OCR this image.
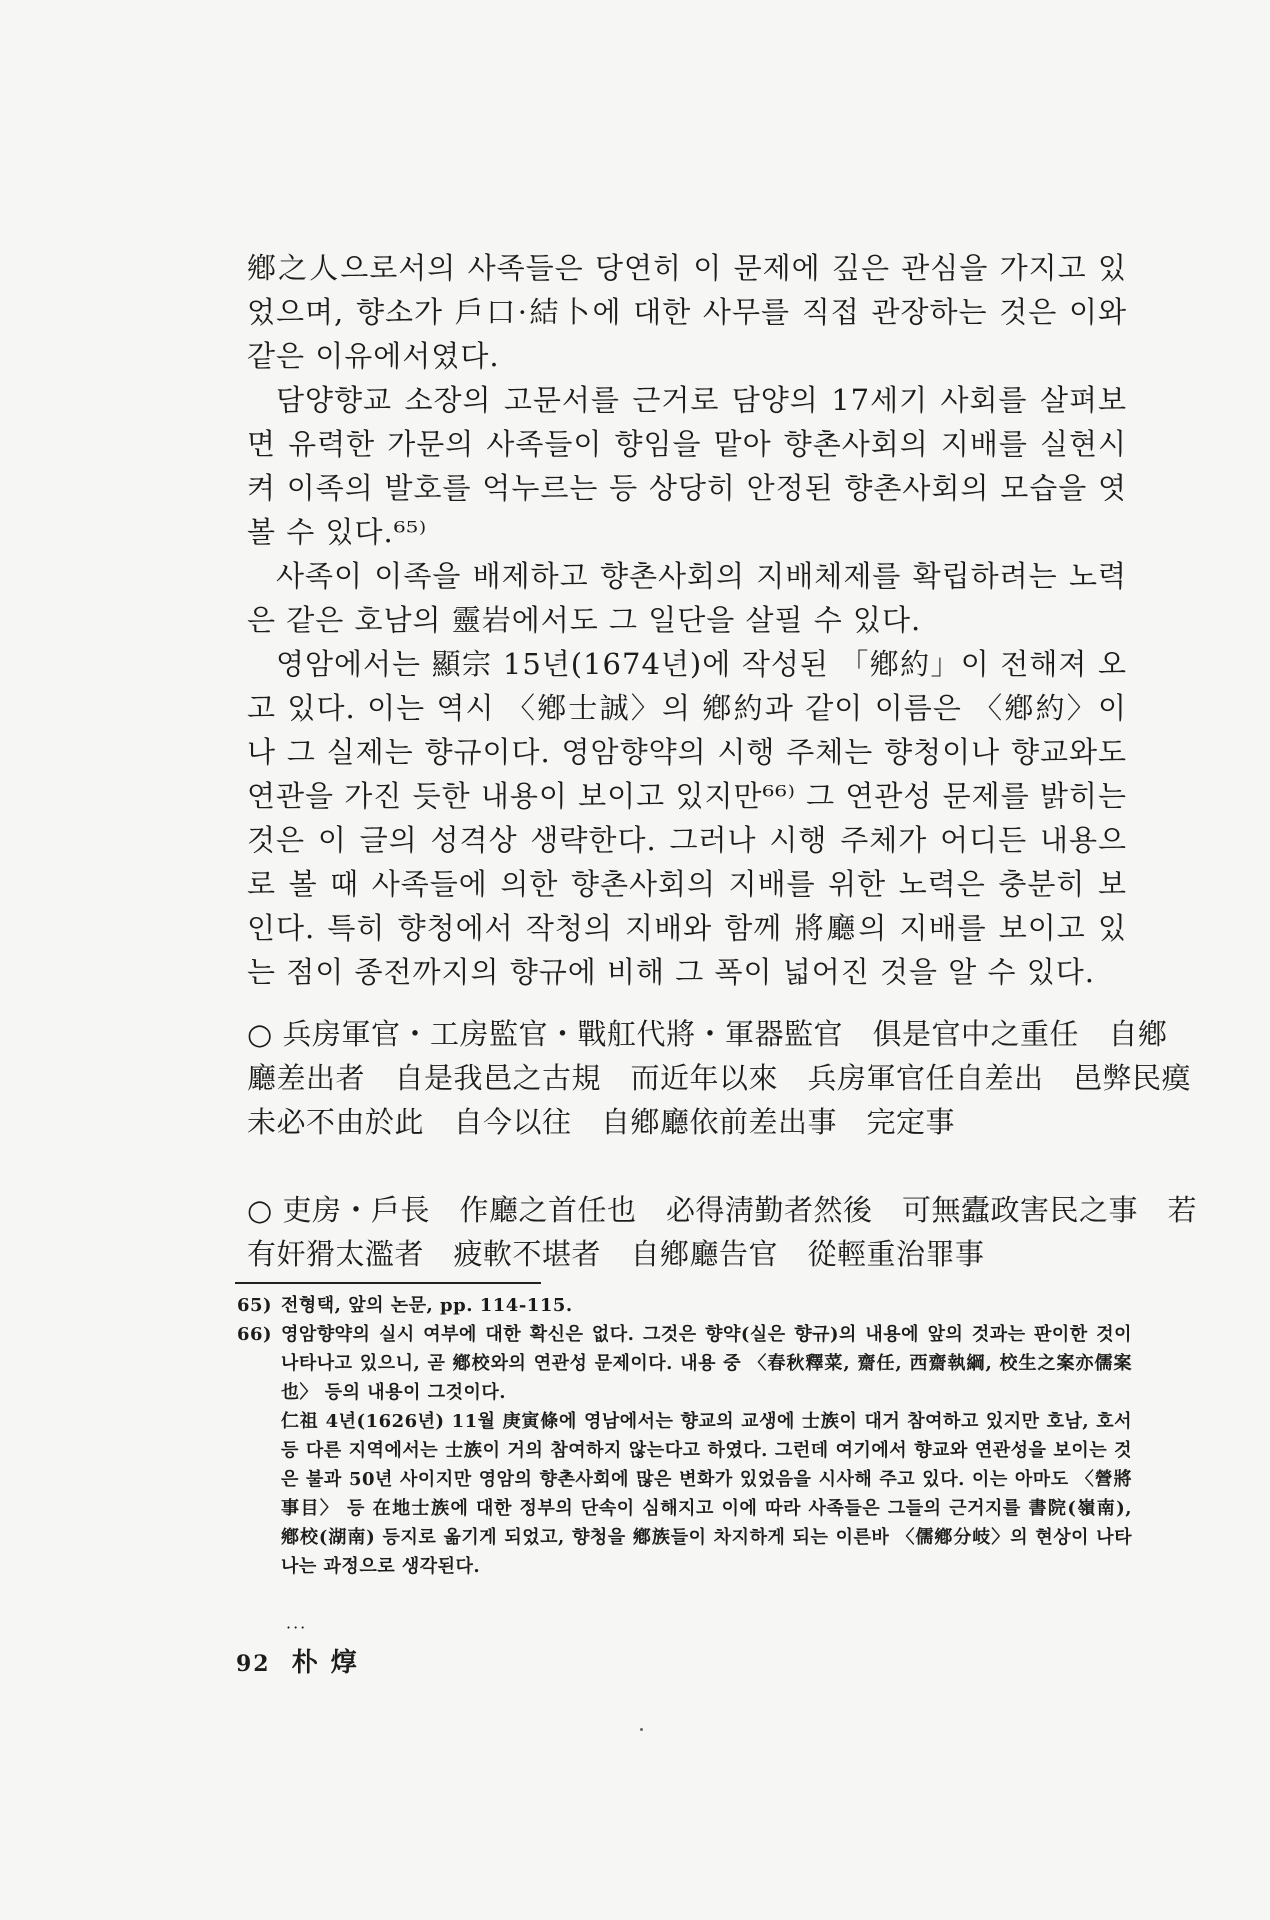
鄕之人으로서의 사족들은 당연히 이 문제에 깊은 관심을 가지고 있었으며, 향소가 戶口·結卜에 대한 사무를 직접 관장하는 것은 이와 같은 이유에서였다.

담양향교 소장의 고문서를 근거로 담양의 17세기 사회를 살펴보면 유력한 가문의 사족들이 향임을 맡아 향촌사회의 지배를 실현시켜 이족의 발호를 억누르는 등 상당히 안정된 향촌사회의 모습을 엿볼 수 있다.⁶⁵⁾

사족이 이족을 배제하고 향촌사회의 지배체제를 확립하려는 노력은 같은 호남의 靈岩에서도 그 일단을 살필 수 있다.

영암에서는 顯宗 15년(1674년)에 작성된 「鄕約」이 전해져 오고 있다. 이는 역시 〈鄕士誠〉의 鄕約과 같이 이름은 〈鄕約〉이나 그 실제는 향규이다. 영암향약의 시행 주체는 향청이나 향교와도 연관을 가진 듯한 내용이 보이고 있지만⁶⁶⁾ 그 연관성 문제를 밝히는 것은 이 글의 성격상 생략한다. 그러나 시행 주체가 어디든 내용으로 볼 때 사족들에 의한 향촌사회의 지배를 위한 노력은 충분히 보인다. 특히 향청에서 작청의 지배와 함께 將廳의 지배를 보이고 있는 점이 종전까지의 향규에 비해 그 폭이 넓어진 것을 알 수 있다.

○ 兵房軍官・工房監官・戰舡代將・軍器監官　俱是官中之重任　自鄕
廳差出者　自是我邑之古規　而近年以來　兵房軍官任自差出　邑弊民瘼
未必不由於此　自今以往　自鄕廳依前差出事　完定事
○ 吏房・戶長　作廳之首任也　必得淸勤者然後　可無蠹政害民之事　若
有奸猾太濫者　疲軟不堪者　自鄕廳告官　從輕重治罪事
65) 전형택, 앞의 논문, pp. 114-115.
66) 영암향약의 실시 여부에 대한 확신은 없다. 그것은 향약(실은 향규)의 내용에 앞의 것과는 판이한 것이 나타나고 있으니, 곧 鄕校와의 연관성 문제이다. 내용 중 〈春秋釋菜, 齋任, 西齋執綱, 校生之案亦儒案也〉 등의 내용이 그것이다.

仁祖 4년(1626년) 11월 庚寅條에 영남에서는 향교의 교생에 士族이 대거 참여하고 있지만 호남, 호서 등 다른 지역에서는 士族이 거의 참여하지 않는다고 하였다. 그런데 여기에서 향교와 연관성을 보이는 것은 불과 50년 사이지만 영암의 향촌사회에 많은 변화가 있었음을 시사해 주고 있다. 이는 아마도 〈營將事目〉 등 在地士族에 대한 정부의 단속이 심해지고 이에 따라 사족들은 그들의 근거지를 書院(嶺南), 鄕校(湖南) 등지로 옮기게 되었고, 향청을 鄕族들이 차지하게 되는 이른바 〈儒鄕分岐〉의 현상이 나타나는 과정으로 생각된다.

···
92 朴 焞
